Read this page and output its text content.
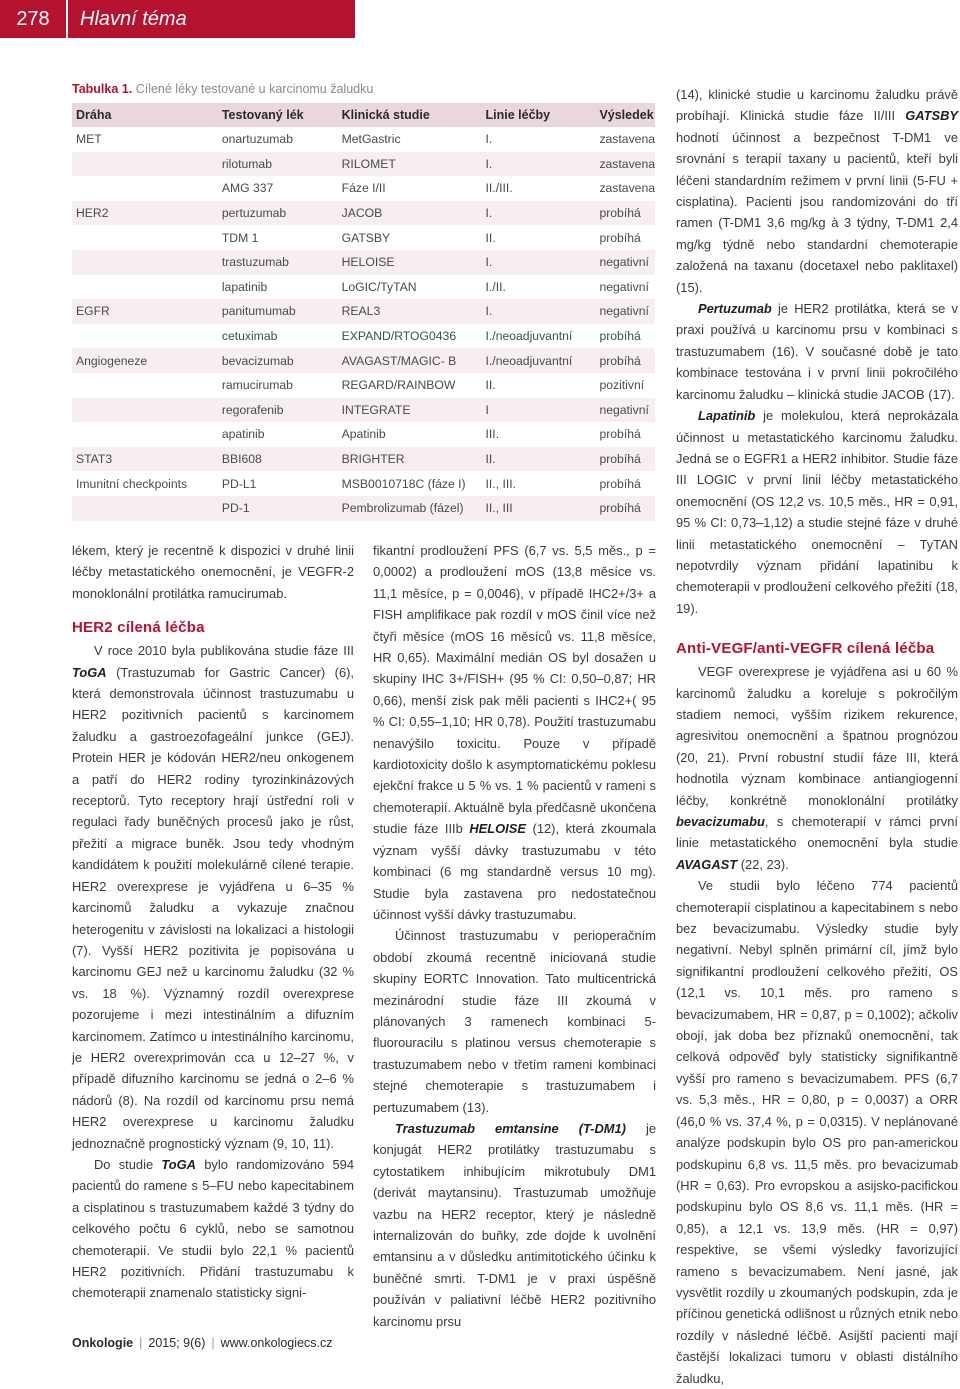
278	Hlavní téma
Tabulka 1. Cílené léky testované u karcinomu žaludku
Dráha	Testovaný lék	Klinická studie	Linie léčby	Výsledek
MET	onartuzumab	MetGastric	I.	zastavena
	rilotumab	RILOMET	I.	zastavena
	AMG 337	Fáze I/II	II./III.	zastavena
HER2	pertuzumab	JACOB	I.	probíhá
	TDM 1	GATSBY	II.	probíhá
	trastuzumab	HELOISE	I.	negativní
	lapatinib	LoGIC/TyTAN	I./II.	negativní
EGFR	panitumumab	REAL3	I.	negativní
	cetuximab	EXPAND/RTOG0436	I./neoadjuvantní	probíhá
Angiogeneze	bevacizumab	AVAGAST/MAGIC- B	I./neoadjuvantní	probíhá
	ramucirumab	REGARD/RAINBOW	II.	pozitivní
	regorafenib	INTEGRATE	I	negativní
	apatinib	Apatinib	III.	probíhá
STAT3	BBI608	BRIGHTER	II.	probíhá
Imunitní checkpoints	PD-L1	MSB0010718C (fáze I)	II., III.	probíhá
	PD-1	Pembrolizumab (fázel)	II., III	probíhá

lékem, který je recentně k dispozici v druhé linii léčby metastatického onemocnění, je VEGFR-2 monoklonální protilátka ramucirumab.

HER2 cílená léčba

V roce 2010 byla publikována studie fáze III ToGA (Trastuzumab for Gastric Cancer) (6), která demonstrovala účinnost trastuzumabu u HER2 pozitivních pacientů s karcinomem žaludku a gastroezofageální junkce (GEJ). Protein HER je kódován HER2/neu onkogenem a patří do HER2 rodiny tyrozinkinázových receptorů. Tyto receptory hrají ústřední roli v regulaci řady buněčných procesů jako je růst, přežití a migrace buněk. Jsou tedy vhodným kandidátem k použití molekulárně cílené terapie. HER2 overexprese je vyjádřena u 6–35 % karcinomů žaludku a vykazuje značnou heterogenitu v závislosti na lokalizaci a histologii (7). Vyšší HER2 pozitivita je popisována u karcinomu GEJ než u karcinomu žaludku (32 % vs. 18 %). Významný rozdíl overexprese pozorujeme i mezi intestinálním a difuzním karcinomem. Zatímco u intestinálního karcinomu, je HER2 overexprimován cca u 12–27 %, v případě difuzního karcinomu se jedná o 2–6 % nádorů (8). Na rozdíl od karcinomu prsu nemá HER2 overexprese u karcinomu žaludku jednoznačně prognostický význam (9, 10, 11).

Do studie ToGA bylo randomizováno 594 pacientů do ramene s 5–FU nebo kapecitabinem a cisplatinou s trastuzumabem každé 3 týdny do celkového počtu 6 cyklů, nebo se samotnou chemoterapií. Ve studii bylo 22,1 % pacientů HER2 pozitivních. Přidání trastuzumabu k chemoterapii znamenalo statisticky signi-

fikantní prodloužení PFS (6,7 vs. 5,5 měs., p = 0,0002) a prodloužení mOS (13,8 měsíce vs. 11,1 měsíce, p = 0,0046), v případě IHC2+/3+ a FISH amplifikace pak rozdíl v mOS činil více než čtyři měsíce (mOS 16 měsíců vs. 11,8 měsíce, HR 0,65). Maximální medián OS byl dosažen u skupiny IHC 3+/FISH+ (95 % CI: 0,50–0,87; HR 0,66), menší zisk pak měli pacienti s IHC2+( 95 % CI: 0,55–1,10; HR 0,78). Použití trastuzumabu nenavýšilo toxicitu. Pouze v případě kardiotoxicity došlo k asymptomatickému poklesu ejekční frakce u 5 % vs. 1 % pacientů v rameni s chemoterapií. Aktuálně byla předčasně ukončena studie fáze IIIb HELOISE (12), která zkoumala význam vyšší dávky trastuzumabu v této kombinaci (6 mg standardně versus 10 mg). Studie byla zastavena pro nedostatečnou účinnost vyšší dávky trastuzumabu.

Účinnost trastuzumabu v perioperačním období zkoumá recentně iniciovaná studie skupiny EORTC Innovation. Tato multicentrická mezinárodní studie fáze III zkoumá v plánovaných 3 ramenech kombinaci 5-fluorouracilu s platinou versus chemoterapie s trastuzumabem nebo v třetím rameni kombinaci stejné chemoterapie s trastuzumabem i pertuzumabem (13).

Trastuzumab emtansine (T-DM1) je konjugát HER2 protilátky trastuzumabu s cytostatikem inhibujícím mikrotubuly DM1 (derivát maytansinu). Trastuzumab umožňuje vazbu na HER2 receptor, který je následně internalizován do buňky, zde dojde k uvolnění emtansinu a v důsledku antimitotického účinku k buněčné smrti. T-DM1 je v praxi úspěšně používán v paliativní léčbě HER2 pozitivního karcinomu prsu

(14), klinické studie u karcinomu žaludku právě probíhají. Klinická studie fáze II/III GATSBY hodnotí účinnost a bezpečnost T-DM1 ve srovnání s terapií taxany u pacientů, kteří byli léčeni standardním režimem v první linii (5-FU + cisplatina). Pacienti jsou randomizováni do tří ramen (T-DM1 3,6 mg/kg à 3 týdny, T-DM1 2,4 mg/kg týdně nebo standardní chemoterapie založená na taxanu (docetaxel nebo paklitaxel) (15).

Pertuzumab je HER2 protilátka, která se v praxi používá u karcinomu prsu v kombinaci s trastuzumabem (16). V současné době je tato kombinace testována i v první linii pokročilého karcinomu žaludku – klinická studie JACOB (17).

Lapatinib je molekulou, která neprokázala účinnost u metastatického karcinomu žaludku. Jedná se o EGFR1 a HER2 inhibitor. Studie fáze III LOGIC v první linii léčby metastatického onemocnění (OS 12,2 vs. 10,5 měs., HR = 0,91, 95 % CI: 0,73–1,12) a studie stejné fáze v druhé linii metastatického onemocnění – TyTAN nepotvrdily význam přidání lapatinibu k chemoterapii v prodloužení celkového přežití (18, 19).

Anti-VEGF/anti-VEGFR cílená léčba

VEGF overexprese je vyjádřena asi u 60 % karcinomů žaludku a koreluje s pokročilým stadiem nemoci, vyšším rizikem rekurence, agresivitou onemocnění a špatnou prognózou (20, 21). První robustní studií fáze III, která hodnotila význam kombinace antiangiogenní léčby, konkrétně monoklonální protilátky bevacizumabu, s chemoterapií v rámci první linie metastatického onemocnění byla studie AVAGAST (22, 23).

Ve studii bylo léčeno 774 pacientů chemoterapií cisplatinou a kapecitabinem s nebo bez bevacizumabu. Výsledky studie byly negativní. Nebyl splněn primární cíl, jímž bylo signifikantní prodloužení celkového přežití, OS (12,1 vs. 10,1 měs. pro rameno s bevacizumabem, HR = 0,87, p = 0,1002); ačkoliv obojí, jak doba bez příznaků onemocnění, tak celková odpověď byly statisticky signifikantně vyšší pro rameno s bevacizumabem. PFS (6,7 vs. 5,3 měs., HR = 0,80, p = 0,0037) a ORR (46,0 % vs. 37,4 %, p = 0,0315). V neplánované analýze podskupin bylo OS pro pan-americkou podskupinu 6,8 vs. 11,5 měs. pro bevacizumab (HR = 0,63). Pro evropskou a asijsko-pacifickou podskupinu bylo OS 8,6 vs. 11,1 měs. (HR = 0,85), a 12,1 vs. 13,9 měs. (HR = 0,97) respektive, se všemi výsledky favorizující rameno s bevacizumabem. Není jasné, jak vysvětlit rozdíly u zkoumaných podskupin, zda je příčinou genetická odlišnost u různých etnik nebo rozdíly v následné léčbě. Asijští pacienti mají častější lokalizaci tumoru v oblasti distálního žaludku,

Onkologie | 2015; 9(6) | www.onkologiecs.cz
